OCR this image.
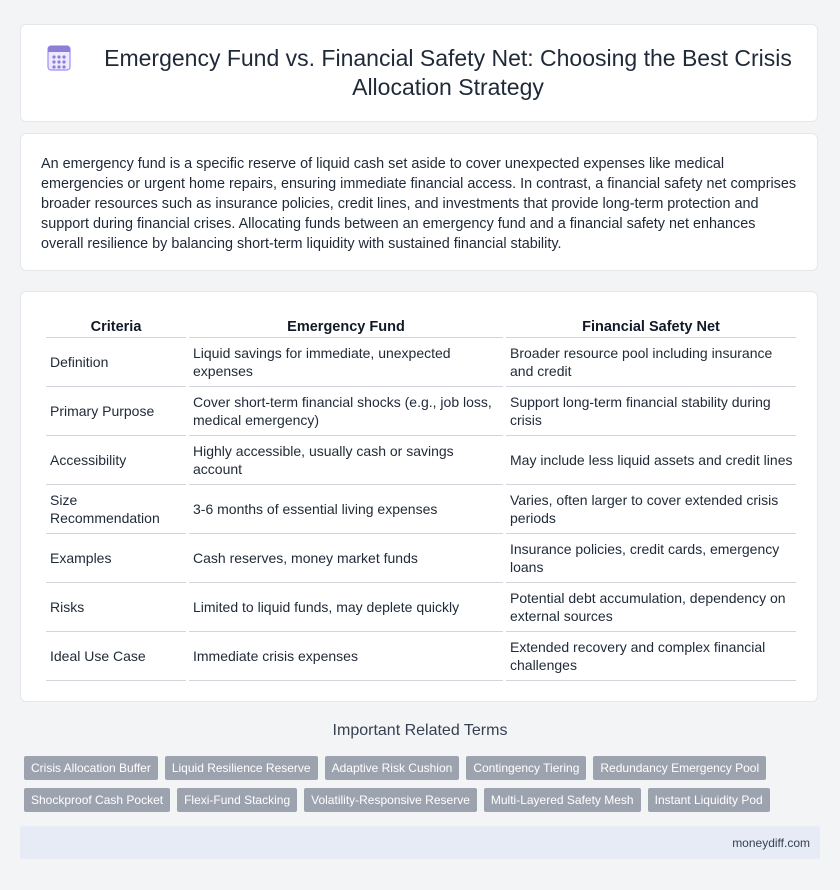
Emergency Fund vs. Financial Safety Net: Choosing the Best Crisis Allocation Strategy

An emergency fund is a specific reserve of liquid cash set aside to cover unexpected expenses like medical emergencies or urgent home repairs, ensuring immediate financial access. In contrast, a financial safety net comprises broader resources such as insurance policies, credit lines, and investments that provide long-term protection and support during financial crises. Allocating funds between an emergency fund and a financial safety net enhances overall resilience by balancing short-term liquidity with sustained financial stability.

Criteria	Emergency Fund	Financial Safety Net
Definition	Liquid savings for immediate, unexpected expenses	Broader resource pool including insurance and credit
Primary Purpose	Cover short-term financial shocks (e.g., job loss, medical emergency)	Support long-term financial stability during crisis
Accessibility	Highly accessible, usually cash or savings account	May include less liquid assets and credit lines
Size Recommendation	3-6 months of essential living expenses	Varies, often larger to cover extended crisis periods
Examples	Cash reserves, money market funds	Insurance policies, credit cards, emergency loans
Risks	Limited to liquid funds, may deplete quickly	Potential debt accumulation, dependency on external sources
Ideal Use Case	Immediate crisis expenses	Extended recovery and complex financial challenges
Important Related Terms
Crisis Allocation Buffer	Liquid Resilience Reserve	Adaptive Risk Cushion	Contingency Tiering	Redundancy Emergency Pool
Shockproof Cash Pocket	Flexi-Fund Stacking	Volatility-Responsive Reserve	Multi-Layered Safety Mesh	Instant Liquidity Pod
moneydiff.com
